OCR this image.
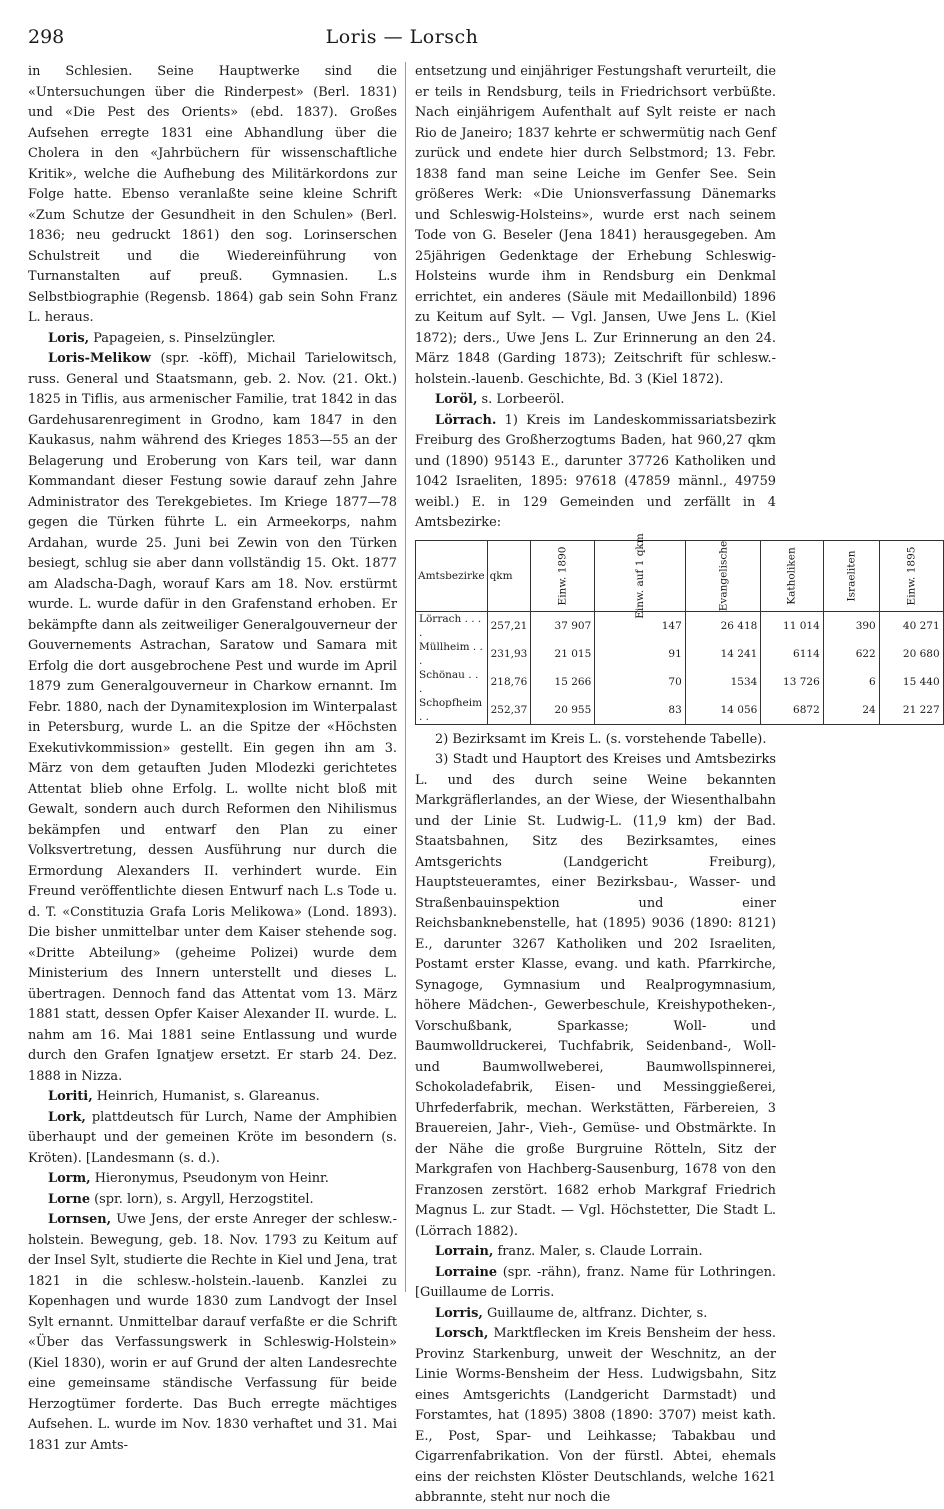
298	Loris — Lorsch

in Schlesien. Seine Hauptwerke sind die «Untersuchungen über die Rinderpest» (Berl. 1831) und «Die Pest des Orients» (ebd. 1837). Großes Aufsehen erregte 1831 eine Abhandlung über die Cholera in den «Jahrbüchern für wissenschaftliche Kritik», welche die Aufhebung des Militärkordons zur Folge hatte. Ebenso veranlaßte seine kleine Schrift «Zum Schutze der Gesundheit in den Schulen» (Berl. 1836; neu gedruckt 1861) den sog. Lorinserschen Schulstreit und die Wiedereinführung von Turnanstalten auf preuß. Gymnasien. L.s Selbstbiographie (Regensb. 1864) gab sein Sohn Franz L. heraus.

Loris, Papageien, s. Pinselzüngler.

Loris-Melikow (spr. -köff), Michail Tarielowitsch, russ. General und Staatsmann, geb. 2. Nov. (21. Okt.) 1825 in Tiflis, aus armenischer Familie, trat 1842 in das Gardehusarenregiment in Grodno, kam 1847 in den Kaukasus, nahm während des Krieges 1853—55 an der Belagerung und Eroberung von Kars teil, war dann Kommandant dieser Festung sowie darauf zehn Jahre Administrator des Terekgebietes. Im Kriege 1877—78 gegen die Türken führte L. ein Armeekorps, nahm Ardahan, wurde 25. Juni bei Zewin von den Türken besiegt, schlug sie aber dann vollständig 15. Okt. 1877 am Aladscha-Dagh, worauf Kars am 18. Nov. erstürmt wurde. L. wurde dafür in den Grafenstand erhoben. Er bekämpfte dann als zeitweiliger Generalgouverneur der Gouvernements Astrachan, Saratow und Samara mit Erfolg die dort ausgebrochene Pest und wurde im April 1879 zum Generalgouverneur in Charkow ernannt. Im Febr. 1880, nach der Dynamitexplosion im Winterpalast in Petersburg, wurde L. an die Spitze der «Höchsten Exekutivkommission» gestellt. Ein gegen ihn am 3. März von dem getauften Juden Mlodezki gerichtetes Attentat blieb ohne Erfolg. L. wollte nicht bloß mit Gewalt, sondern auch durch Reformen den Nihilismus bekämpfen und entwarf den Plan zu einer Volksvertretung, dessen Ausführung nur durch die Ermordung Alexanders II. verhindert wurde. Ein Freund veröffentlichte diesen Entwurf nach L.s Tode u. d. T. «Constituzia Grafa Loris Melikowa» (Lond. 1893). Die bisher unmittelbar unter dem Kaiser stehende sog. «Dritte Abteilung» (geheime Polizei) wurde dem Ministerium des Innern unterstellt und dieses L. übertragen. Dennoch fand das Attentat vom 13. März 1881 statt, dessen Opfer Kaiser Alexander II. wurde. L. nahm am 16. Mai 1881 seine Entlassung und wurde durch den Grafen Ignatjew ersetzt. Er starb 24. Dez. 1888 in Nizza.

Loriti, Heinrich, Humanist, s. Glareanus.

Lork, plattdeutsch für Lurch, Name der Amphibien überhaupt und der gemeinen Kröte im besondern (s. Kröten). [Landesmann (s. d.).

Lorm, Hieronymus, Pseudonym von Heinr.

Lorne (spr. lorn), s. Argyll, Herzogstitel.

Lornsen, Uwe Jens, der erste Anreger der schlesw.-holstein. Bewegung, geb. 18. Nov. 1793 zu Keitum auf der Insel Sylt, studierte die Rechte in Kiel und Jena, trat 1821 in die schlesw.-holstein.-lauenb. Kanzlei zu Kopenhagen und wurde 1830 zum Landvogt der Insel Sylt ernannt. Unmittelbar darauf verfaßte er die Schrift «Über das Verfassungswerk in Schleswig-Holstein» (Kiel 1830), worin er auf Grund der alten Landesrechte eine gemeinsame ständische Verfassung für beide Herzogtümer forderte. Das Buch erregte mächtiges Aufsehen. L. wurde im Nov. 1830 verhaftet und 31. Mai 1831 zur Amts-

entsetzung und einjähriger Festungshaft verurteilt, die er teils in Rendsburg, teils in Friedrichsort verbüßte. Nach einjährigem Aufenthalt auf Sylt reiste er nach Rio de Janeiro; 1837 kehrte er schwermütig nach Genf zurück und endete hier durch Selbstmord; 13. Febr. 1838 fand man seine Leiche im Genfer See. Sein größeres Werk: «Die Unionsverfassung Dänemarks und Schleswig-Holsteins», wurde erst nach seinem Tode von G. Beseler (Jena 1841) herausgegeben. Am 25jährigen Gedenktage der Erhebung Schleswig-Holsteins wurde ihm in Rendsburg ein Denkmal errichtet, ein anderes (Säule mit Medaillonbild) 1896 zu Keitum auf Sylt. — Vgl. Jansen, Uwe Jens L. (Kiel 1872); ders., Uwe Jens L. Zur Erinnerung an den 24. März 1848 (Garding 1873); Zeitschrift für schlesw.-holstein.-lauenb. Geschichte, Bd. 3 (Kiel 1872).

Loröl, s. Lorbeeröl.

Lörrach. 1) Kreis im Landeskommissariatsbezirk Freiburg des Großherzogtums Baden, hat 960,27 qkm und (1890) 95143 E., darunter 37726 Katholiken und 1042 Israeliten, 1895: 97618 (47859 männl., 49759 weibl.) E. in 129 Gemeinden und zerfällt in 4 Amtsbezirke:

Amtsbezirke	qkm	Einw. 1890	Einw. auf 1 qkm	Evangelische	Katholiken	Israeliten	Einw. 1895
Lörrach . . . .	257,21	37 907	147	26 418	11 014	390	40 271
Müllheim . . .	231,93	21 015	91	14 241	6114	622	20 680
Schönau . . .	218,76	15 266	70	1534	13 726	6	15 440
Schopfheim . .	252,37	20 955	83	14 056	6872	24	21 227

2) Bezirksamt im Kreis L. (s. vorstehende Tabelle).

3) Stadt und Hauptort des Kreises und Amtsbezirks L. und des durch seine Weine bekannten Markgräflerlandes, an der Wiese, der Wiesenthalbahn und der Linie St. Ludwig-L. (11,9 km) der Bad. Staatsbahnen, Sitz des Bezirksamtes, eines Amtsgerichts (Landgericht Freiburg), Hauptsteueramtes, einer Bezirksbau-, Wasser- und Straßenbauinspektion und einer Reichsbanknebenstelle, hat (1895) 9036 (1890: 8121) E., darunter 3267 Katholiken und 202 Israeliten, Postamt erster Klasse, evang. und kath. Pfarrkirche, Synagoge, Gymnasium und Realprogymnasium, höhere Mädchen-, Gewerbeschule, Kreishypotheken-, Vorschußbank, Sparkasse; Woll- und Baumwolldruckerei, Tuchfabrik, Seidenband-, Woll- und Baumwollweberei, Baumwollspinnerei, Schokoladefabrik, Eisen- und Messinggießerei, Uhrfederfabrik, mechan. Werkstätten, Färbereien, 3 Brauereien, Jahr-, Vieh-, Gemüse- und Obstmärkte. In der Nähe die große Burgruine Rötteln, Sitz der Markgrafen von Hachberg-Sausenburg, 1678 von den Franzosen zerstört. 1682 erhob Markgraf Friedrich Magnus L. zur Stadt. — Vgl. Höchstetter, Die Stadt L. (Lörrach 1882).

Lorrain, franz. Maler, s. Claude Lorrain.

Lorraine (spr. -rähn), franz. Name für Lothringen. [Guillaume de Lorris.

Lorris, Guillaume de, altfranz. Dichter, s.

Lorsch, Marktflecken im Kreis Bensheim der hess. Provinz Starkenburg, unweit der Weschnitz, an der Linie Worms-Bensheim der Hess. Ludwigsbahn, Sitz eines Amtsgerichts (Landgericht Darmstadt) und Forstamtes, hat (1895) 3808 (1890: 3707) meist kath. E., Post, Spar- und Leihkasse; Tabakbau und Cigarrenfabrikation. Von der fürstl. Abtei, ehemals eins der reichsten Klöster Deutschlands, welche 1621 abbrannte, steht nur noch die
